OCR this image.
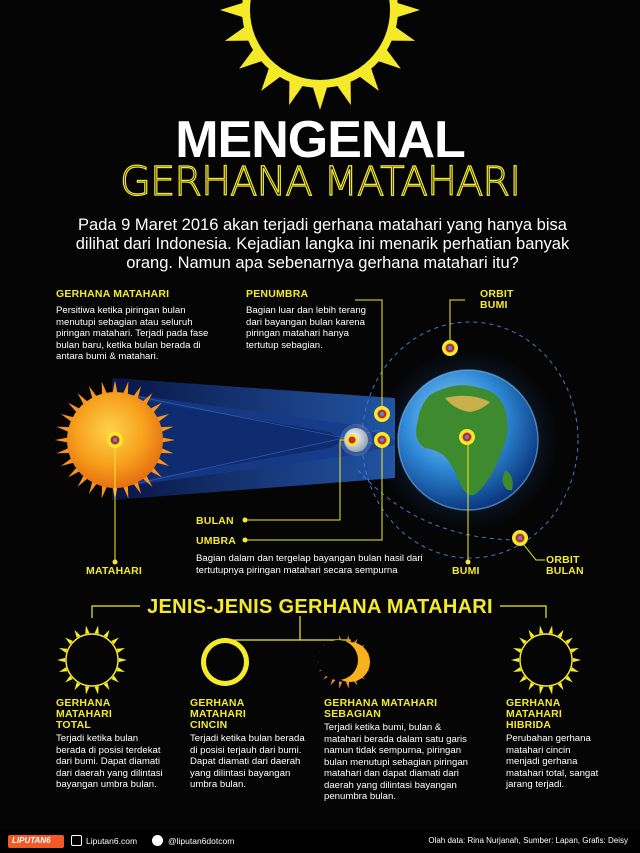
MENGENAL
GERHANA MATAHARI
Pada 9 Maret 2016 akan terjadi gerhana matahari yang hanya bisa dilihat dari Indonesia. Kejadian langka ini menarik perhatian banyak orang. Namun apa sebenarnya gerhana matahari itu?
GERHANA MATAHARI
Persitiwa ketika piringan bulan menutupi sebagian atau seluruh piringan matahari. Terjadi pada fase bulan baru, ketika bulan berada di antara bumi & matahari.
PENUMBRA
Bagian luar dan lebih terang dari bayangan bulan karena piringan matahari hanya tertutup sebagian.
ORBIT BUMI
BULAN
UMBRA
Bagian dalam dan tergelap bayangan bulan hasil dari tertutupnya piringan matahari secara sempurna
MATAHARI	BUMI
ORBIT BULAN
JENIS-JENIS GERHANA MATAHARI
GERHANA MATAHARI TOTAL
Terjadi ketika bulan berada di posisi terdekat dari bumi. Dapat diamati dari daerah yang dilintasi bayangan umbra bulan.
GERHANA MATAHARI CINCIN
Terjadi ketika bulan berada di posisi terjauh dari bumi. Dapat diamati dari daerah yang dilintasi bayangan umbra bulan.
GERHANA MATAHARI SEBAGIAN
Terjadi ketika bumi, bulan & matahari berada dalam satu garis namun tidak sempurna, piringan bulan menutupi sebagian piringan matahari dan dapat diamati dari daerah yang dilintasi bayangan penumbra bulan.
GERHANA MATAHARI HIBRIDA
Perubahan gerhana matahari cincin menjadi gerhana matahari total, sangat jarang terjadi.
LIPUTAN6	Liputan6.com	@liputan6dotcom	Olah data: Rina Nurjanah, Sumber: Lapan, Grafis: Deisy
